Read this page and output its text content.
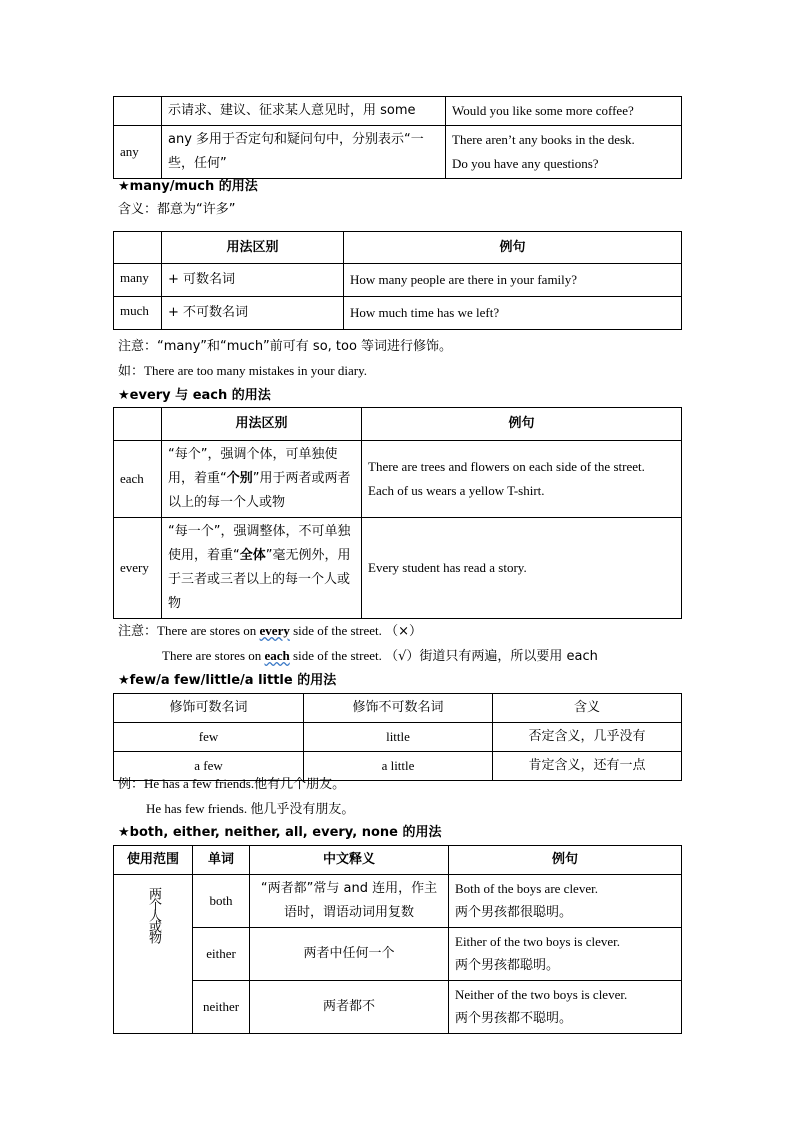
	示请求、建议、征求某人意见时，用 some	Would you like some more coffee?
any	any 多用于否定句和疑问句中，分别表示“一些，任何”	There aren’t any books in the desk.
Do you have any questions?
★many/much 的用法
含义：都意为“许多”
	用法区别	例句
many	+ 可数名词	How many people are there in your family?
much	+ 不可数名词	How much time has we left?
注意：“many”和“much”前可有 so, too 等词进行修饰。
如：There are too many mistakes in your diary.
★every 与 each 的用法
	用法区别	例句
each	“每个”，强调个体，可单独使用，着重“个别”用于两者或两者以上的每一个人或物	There are trees and flowers on each side of the street.
Each of us wears a yellow T-shirt.

every	“每一个”，强调整体，不可单独使用，着重“全体”毫无例外，用于三者或三者以上的每一个人或物	Every student has read a story.
注意：There are stores on every side of the street. （×）
There are stores on each side of the street. （√）街道只有两遍，所以要用 each
★few/a few/little/a little 的用法
修饰可数名词	修饰不可数名词	含义
few	little	否定含义，几乎没有
a few	a little	肯定含义，还有一点
例：He has a few friends.他有几个朋友。
He has few friends. 他几乎没有朋友。
★both, either, neither, all, every, none 的用法
使用范围	单词	中文释义	例句

两个人或物	both	“两者都”常与 and 连用，作主语时，谓语动词用复数	Both of the boys are clever.
两个男孩都很聪明。

	either	两者中任何一个	Either of the two boys is clever.
两个男孩都聪明。

	neither	两者都不	Neither of the two boys is clever.
两个男孩都不聪明。
